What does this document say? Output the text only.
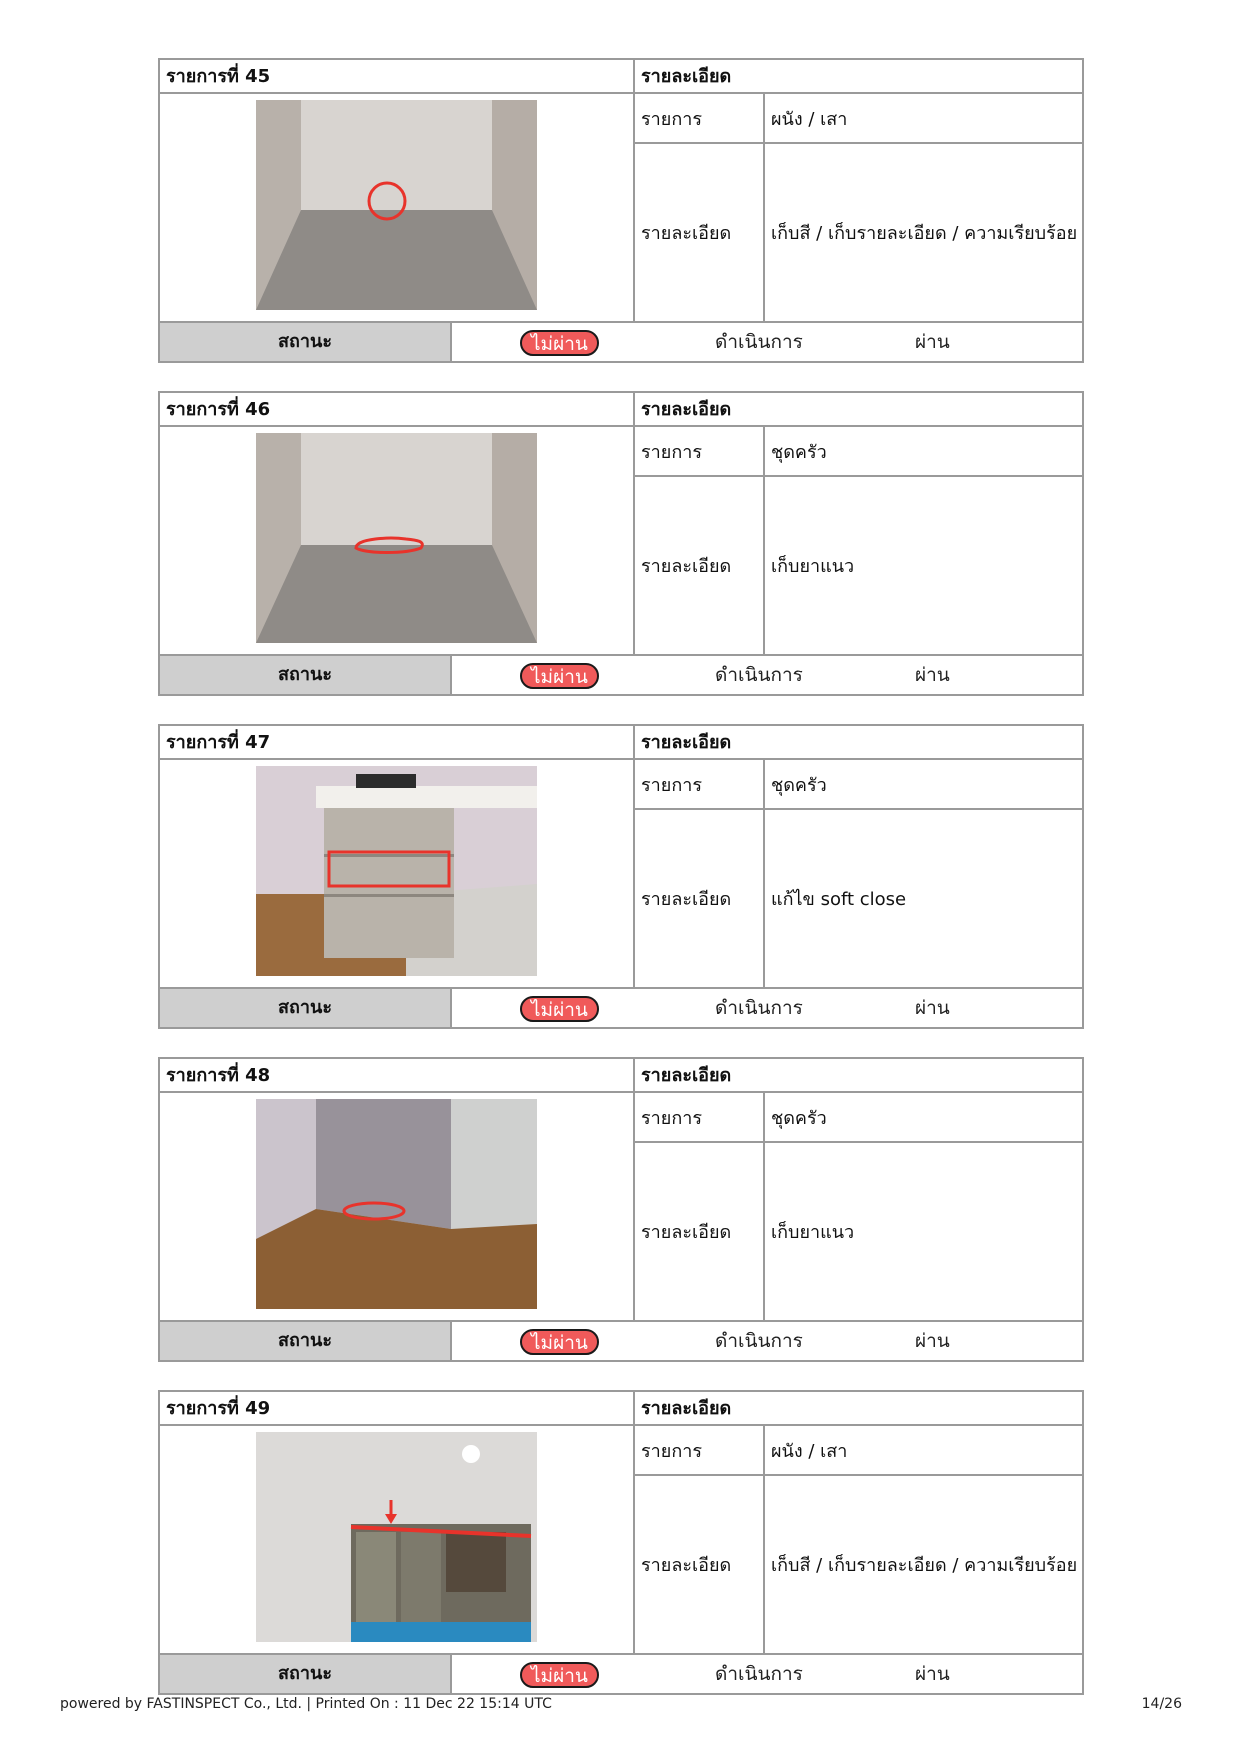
รายการที่ 45	รายละเอียด
รายการ	ผนัง / เสา
รายละเอียด	เก็บสี / เก็บรายละเอียด / ความเรียบร้อย
สถานะ	ไม่ผ่าน	ดำเนินการ	ผ่าน
รายการที่ 46	รายละเอียด
รายการ	ชุดครัว
รายละเอียด	เก็บยาแนว
สถานะ	ไม่ผ่าน	ดำเนินการ	ผ่าน
รายการที่ 47	รายละเอียด
รายการ	ชุดครัว
รายละเอียด	แก้ไข soft close
สถานะ	ไม่ผ่าน	ดำเนินการ	ผ่าน
รายการที่ 48	รายละเอียด
รายการ	ชุดครัว
รายละเอียด	เก็บยาแนว
สถานะ	ไม่ผ่าน	ดำเนินการ	ผ่าน
รายการที่ 49	รายละเอียด
รายการ	ผนัง / เสา
รายละเอียด	เก็บสี / เก็บรายละเอียด / ความเรียบร้อย
สถานะ	ไม่ผ่าน	ดำเนินการ	ผ่าน
powered by FASTINSPECT Co., Ltd. | Printed On : 11 Dec 22 15:14 UTC	14/26
